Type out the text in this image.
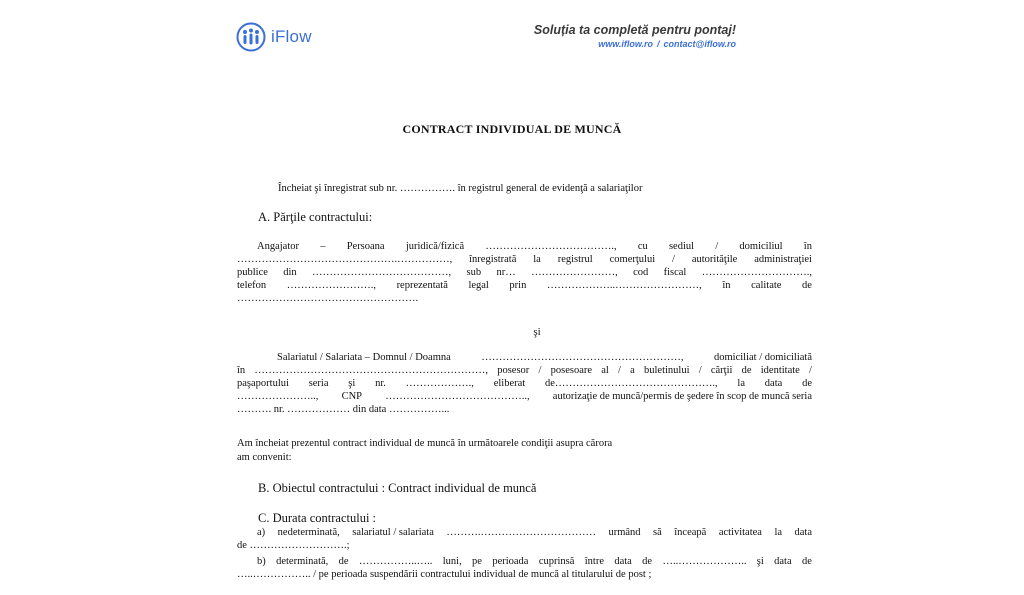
iFlow	Soluția ta completă pentru pontaj!
www.iflow.ro / contact@iflow.ro
CONTRACT INDIVIDUAL DE MUNCĂ
Încheiat şi înregistrat sub nr. ……………. în registrul general de evidenţă a salariaţilor
A. Părţile contractului:
Angajator – Persoana juridică/fizică ………………………………., cu sediul / domiciliul în
……………………………………….……………, înregistrată la registrul comerţului / autorităţile administraţiei
publice din …………………………………, sub nr… ……………………, cod fiscal ………………………….,
telefon ……………………., reprezentată legal prin ………………..……………………, în calitate de
…………………………………………….
şi
Salariatul / Salariata – Domnul / Doamna	…………………………………………………,	domiciliat / domiciliată
în …………………………………………………………, posesor / posesoare al / a buletinului / cărţii de identitate /
paşaportului seria şi nr. ………………., eliberat de………………………………………., la data de
………………….., CNP ………………………………….., autorizaţie de muncă/permis de şedere în scop de muncă seria
………. nr. ……………… din data ……………...
Am încheiat prezentul contract individual de muncă în următoarele condiţii asupra cărora
am convenit:
B. Obiectul contractului : Contract individual de muncă
C. Durata contractului :
a) nedeterminată, salariatul / salariata ……….…………………………… urmând să înceapă activitatea la data
de ……………………….;
b) determinată, de ……………..….. luni, pe perioada cuprinsă între data de …..……………….. şi data de
…..…………….. / pe perioada suspendării contractului individual de muncă al titularului de post ;
